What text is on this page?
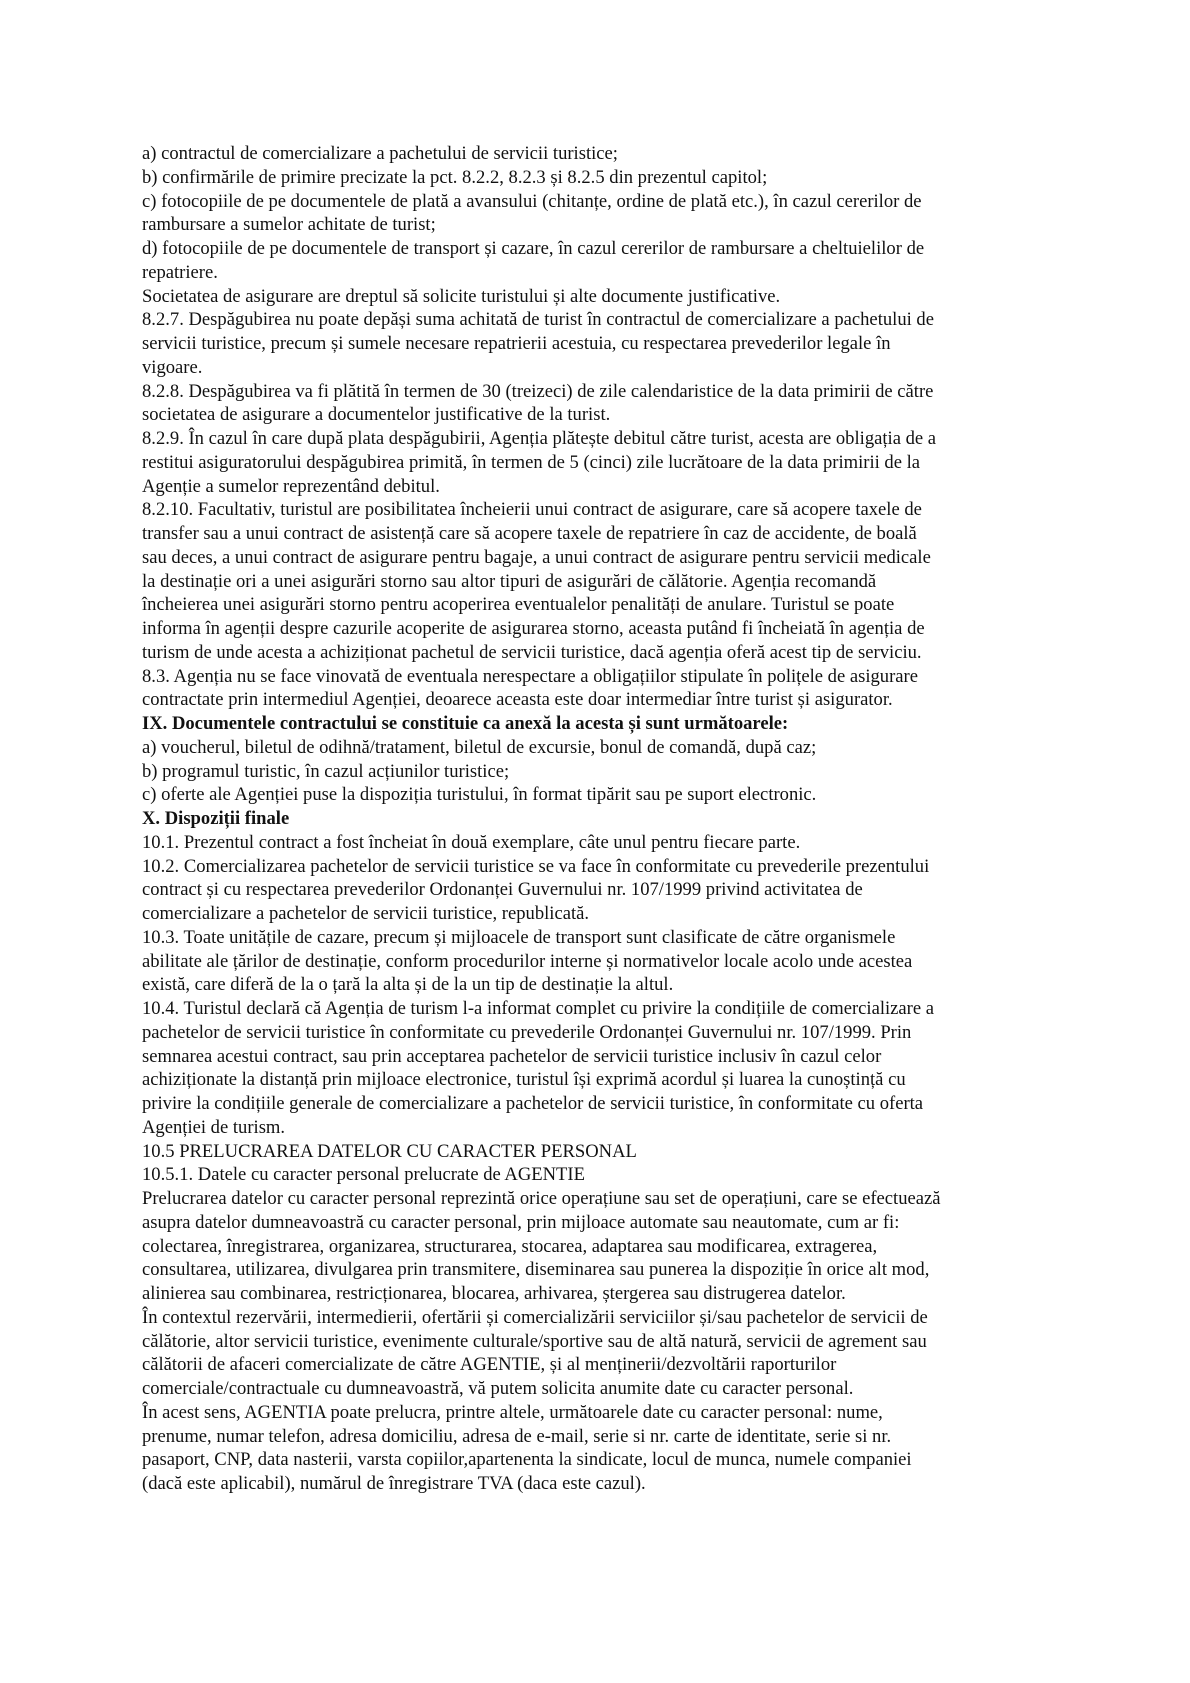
a) contractul de comercializare a pachetului de servicii turistice;
b) confirmările de primire precizate la pct. 8.2.2, 8.2.3 și 8.2.5 din prezentul capitol;
c) fotocopiile de pe documentele de plată a avansului (chitanțe, ordine de plată etc.), în cazul cererilor de
rambursare a sumelor achitate de turist;
d) fotocopiile de pe documentele de transport și cazare, în cazul cererilor de rambursare a cheltuielilor de
repatriere.
Societatea de asigurare are dreptul să solicite turistului și alte documente justificative.
8.2.7. Despăgubirea nu poate depăși suma achitată de turist în contractul de comercializare a pachetului de
servicii turistice, precum și sumele necesare repatrierii acestuia, cu respectarea prevederilor legale în
vigoare.
8.2.8. Despăgubirea va fi plătită în termen de 30 (treizeci) de zile calendaristice de la data primirii de către
societatea de asigurare a documentelor justificative de la turist.
8.2.9. În cazul în care după plata despăgubirii, Agenția plătește debitul către turist, acesta are obligația de a
restitui asiguratorului despăgubirea primită, în termen de 5 (cinci) zile lucrătoare de la data primirii de la
Agenție a sumelor reprezentând debitul.
8.2.10. Facultativ, turistul are posibilitatea încheierii unui contract de asigurare, care să acopere taxele de
transfer sau a unui contract de asistență care să acopere taxele de repatriere în caz de accidente, de boală
sau deces, a unui contract de asigurare pentru bagaje, a unui contract de asigurare pentru servicii medicale
la destinație ori a unei asigurări storno sau altor tipuri de asigurări de călătorie. Agenția recomandă
încheierea unei asigurări storno pentru acoperirea eventualelor penalități de anulare. Turistul se poate
informa în agenții despre cazurile acoperite de asigurarea storno, aceasta putând fi încheiată în agenția de
turism de unde acesta a achiziționat pachetul de servicii turistice, dacă agenția oferă acest tip de serviciu.
8.3. Agenția nu se face vinovată de eventuala nerespectare a obligațiilor stipulate în polițele de asigurare
contractate prin intermediul Agenției, deoarece aceasta este doar intermediar între turist și asigurator.
IX. Documentele contractului se constituie ca anexă la acesta și sunt următoarele:
a) voucherul, biletul de odihnă/tratament, biletul de excursie, bonul de comandă, după caz;
b) programul turistic, în cazul acțiunilor turistice;
c) oferte ale Agenției puse la dispoziția turistului, în format tipărit sau pe suport electronic.
X. Dispoziții finale
10.1. Prezentul contract a fost încheiat în două exemplare, câte unul pentru fiecare parte.
10.2. Comercializarea pachetelor de servicii turistice se va face în conformitate cu prevederile prezentului
contract și cu respectarea prevederilor Ordonanței Guvernului nr. 107/1999 privind activitatea de
comercializare a pachetelor de servicii turistice, republicată.
10.3. Toate unitățile de cazare, precum și mijloacele de transport sunt clasificate de către organismele
abilitate ale țărilor de destinație, conform procedurilor interne și normativelor locale acolo unde acestea
există, care diferă de la o țară la alta și de la un tip de destinație la altul.
10.4. Turistul declară că Agenția de turism l-a informat complet cu privire la condițiile de comercializare a
pachetelor de servicii turistice în conformitate cu prevederile Ordonanței Guvernului nr. 107/1999. Prin
semnarea acestui contract, sau prin acceptarea pachetelor de servicii turistice inclusiv în cazul celor
achiziționate la distanță prin mijloace electronice, turistul își exprimă acordul și luarea la cunoștință cu
privire la condițiile generale de comercializare a pachetelor de servicii turistice, în conformitate cu oferta
Agenției de turism.
10.5 PRELUCRAREA DATELOR CU CARACTER PERSONAL
10.5.1. Datele cu caracter personal prelucrate de AGENTIE
Prelucrarea datelor cu caracter personal reprezintă orice operațiune sau set de operațiuni, care se efectuează
asupra datelor dumneavoastră cu caracter personal, prin mijloace automate sau neautomate, cum ar fi:
colectarea, înregistrarea, organizarea, structurarea, stocarea, adaptarea sau modificarea, extragerea,
consultarea, utilizarea, divulgarea prin transmitere, diseminarea sau punerea la dispoziție în orice alt mod,
alinierea sau combinarea, restricționarea, blocarea, arhivarea, ștergerea sau distrugerea datelor.
În contextul rezervării, intermedierii, ofertării și comercializării serviciilor și/sau pachetelor de servicii de
călătorie, altor servicii turistice, evenimente culturale/sportive sau de altă natură, servicii de agrement sau
călătorii de afaceri comercializate de către AGENTIE, și al menținerii/dezvoltării raporturilor
comerciale/contractuale cu dumneavoastră, vă putem solicita anumite date cu caracter personal.
În acest sens, AGENTIA poate prelucra, printre altele, următoarele date cu caracter personal: nume,
prenume, numar telefon, adresa domiciliu, adresa de e-mail, serie si nr. carte de identitate, serie si nr.
pasaport, CNP, data nasterii, varsta copiilor,apartenenta la sindicate, locul de munca, numele companiei
(dacă este aplicabil), numărul de înregistrare TVA (daca este cazul).
